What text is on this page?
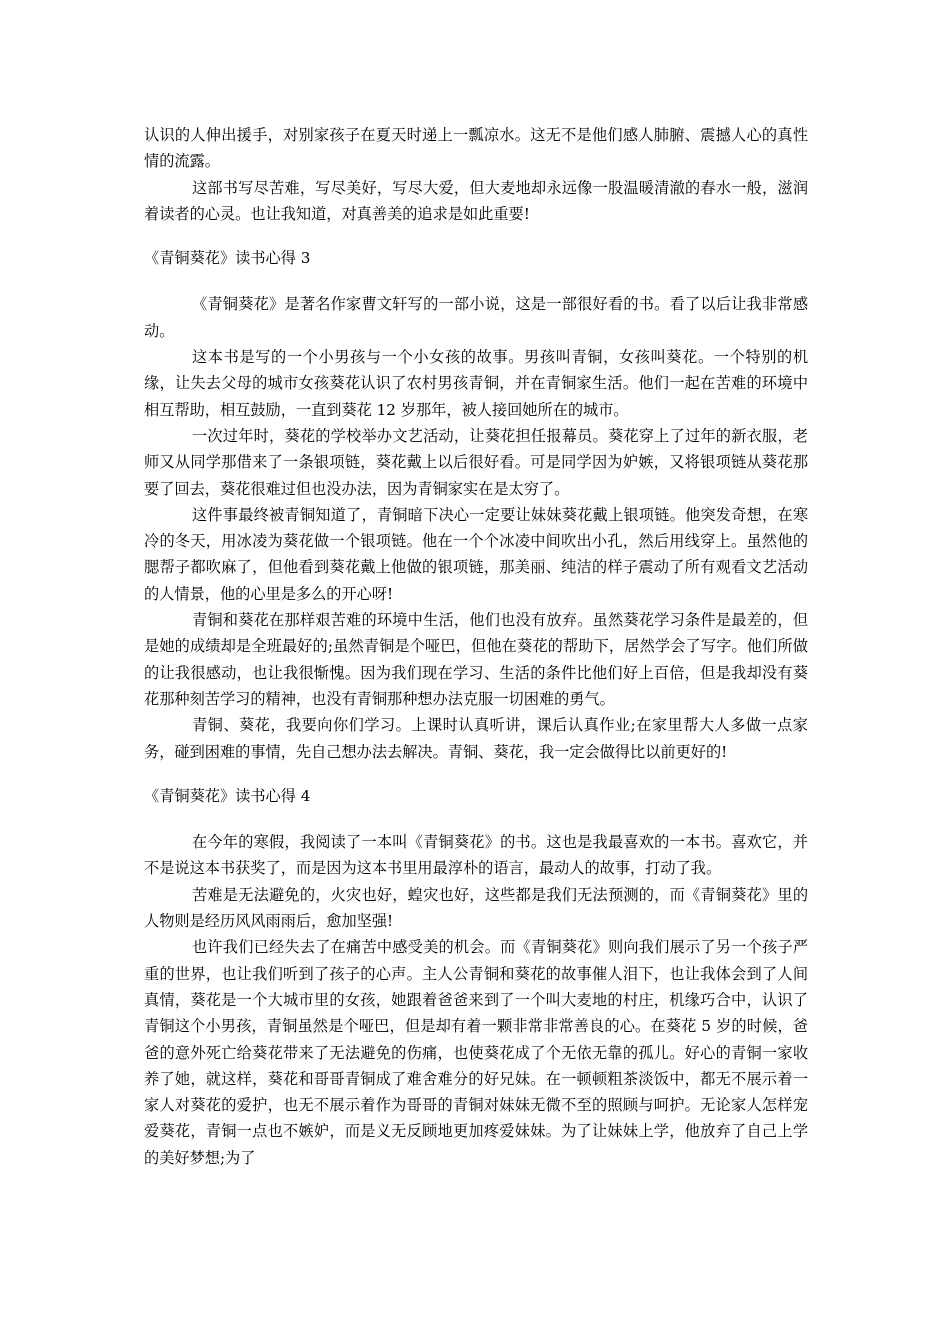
认识的人伸出援手，对别家孩子在夏天时递上一瓢凉水。这无不是他们感人肺腑、震撼人心的真性情的流露。

这部书写尽苦难，写尽美好，写尽大爱，但大麦地却永远像一股温暖清澈的春水一般，滋润着读者的心灵。也让我知道，对真善美的追求是如此重要!

《青铜葵花》读书心得 3

《青铜葵花》是著名作家曹文轩写的一部小说，这是一部很好看的书。看了以后让我非常感动。

这本书是写的一个小男孩与一个小女孩的故事。男孩叫青铜，女孩叫葵花。一个特别的机缘，让失去父母的城市女孩葵花认识了农村男孩青铜，并在青铜家生活。他们一起在苦难的环境中相互帮助，相互鼓励，一直到葵花 12 岁那年，被人接回她所在的城市。

一次过年时，葵花的学校举办文艺活动，让葵花担任报幕员。葵花穿上了过年的新衣服，老师又从同学那借来了一条银项链，葵花戴上以后很好看。可是同学因为妒嫉，又将银项链从葵花那要了回去，葵花很难过但也没办法，因为青铜家实在是太穷了。

这件事最终被青铜知道了，青铜暗下决心一定要让妹妹葵花戴上银项链。他突发奇想，在寒冷的冬天，用冰凌为葵花做一个银项链。他在一个个冰凌中间吹出小孔，然后用线穿上。虽然他的腮帮子都吹麻了，但他看到葵花戴上他做的银项链，那美丽、纯洁的样子震动了所有观看文艺活动的人情景，他的心里是多么的开心呀!

青铜和葵花在那样艰苦难的环境中生活，他们也没有放弃。虽然葵花学习条件是最差的，但是她的成绩却是全班最好的;虽然青铜是个哑巴，但他在葵花的帮助下，居然学会了写字。他们所做的让我很感动，也让我很惭愧。因为我们现在学习、生活的条件比他们好上百倍，但是我却没有葵花那种刻苦学习的精神，也没有青铜那种想办法克服一切困难的勇气。

青铜、葵花，我要向你们学习。上课时认真听讲，课后认真作业;在家里帮大人多做一点家务，碰到困难的事情，先自己想办法去解决。青铜、葵花，我一定会做得比以前更好的!

《青铜葵花》读书心得 4

在今年的寒假，我阅读了一本叫《青铜葵花》的书。这也是我最喜欢的一本书。喜欢它，并不是说这本书获奖了，而是因为这本书里用最淳朴的语言，最动人的故事，打动了我。

苦难是无法避免的，火灾也好，蝗灾也好，这些都是我们无法预测的，而《青铜葵花》里的人物则是经历风风雨雨后，愈加坚强!

也许我们已经失去了在痛苦中感受美的机会。而《青铜葵花》则向我们展示了另一个孩子严重的世界，也让我们听到了孩子的心声。主人公青铜和葵花的故事催人泪下，也让我体会到了人间真情，葵花是一个大城市里的女孩，她跟着爸爸来到了一个叫大麦地的村庄，机缘巧合中，认识了青铜这个小男孩，青铜虽然是个哑巴，但是却有着一颗非常非常善良的心。在葵花 5 岁的时候，爸爸的意外死亡给葵花带来了无法避免的伤痛，也使葵花成了个无依无靠的孤儿。好心的青铜一家收养了她，就这样，葵花和哥哥青铜成了难舍难分的好兄妹。在一顿顿粗茶淡饭中，都无不展示着一家人对葵花的爱护，也无不展示着作为哥哥的青铜对妹妹无微不至的照顾与呵护。无论家人怎样宠爱葵花，青铜一点也不嫉妒，而是义无反顾地更加疼爱妹妹。为了让妹妹上学，他放弃了自己上学的美好梦想;为了
